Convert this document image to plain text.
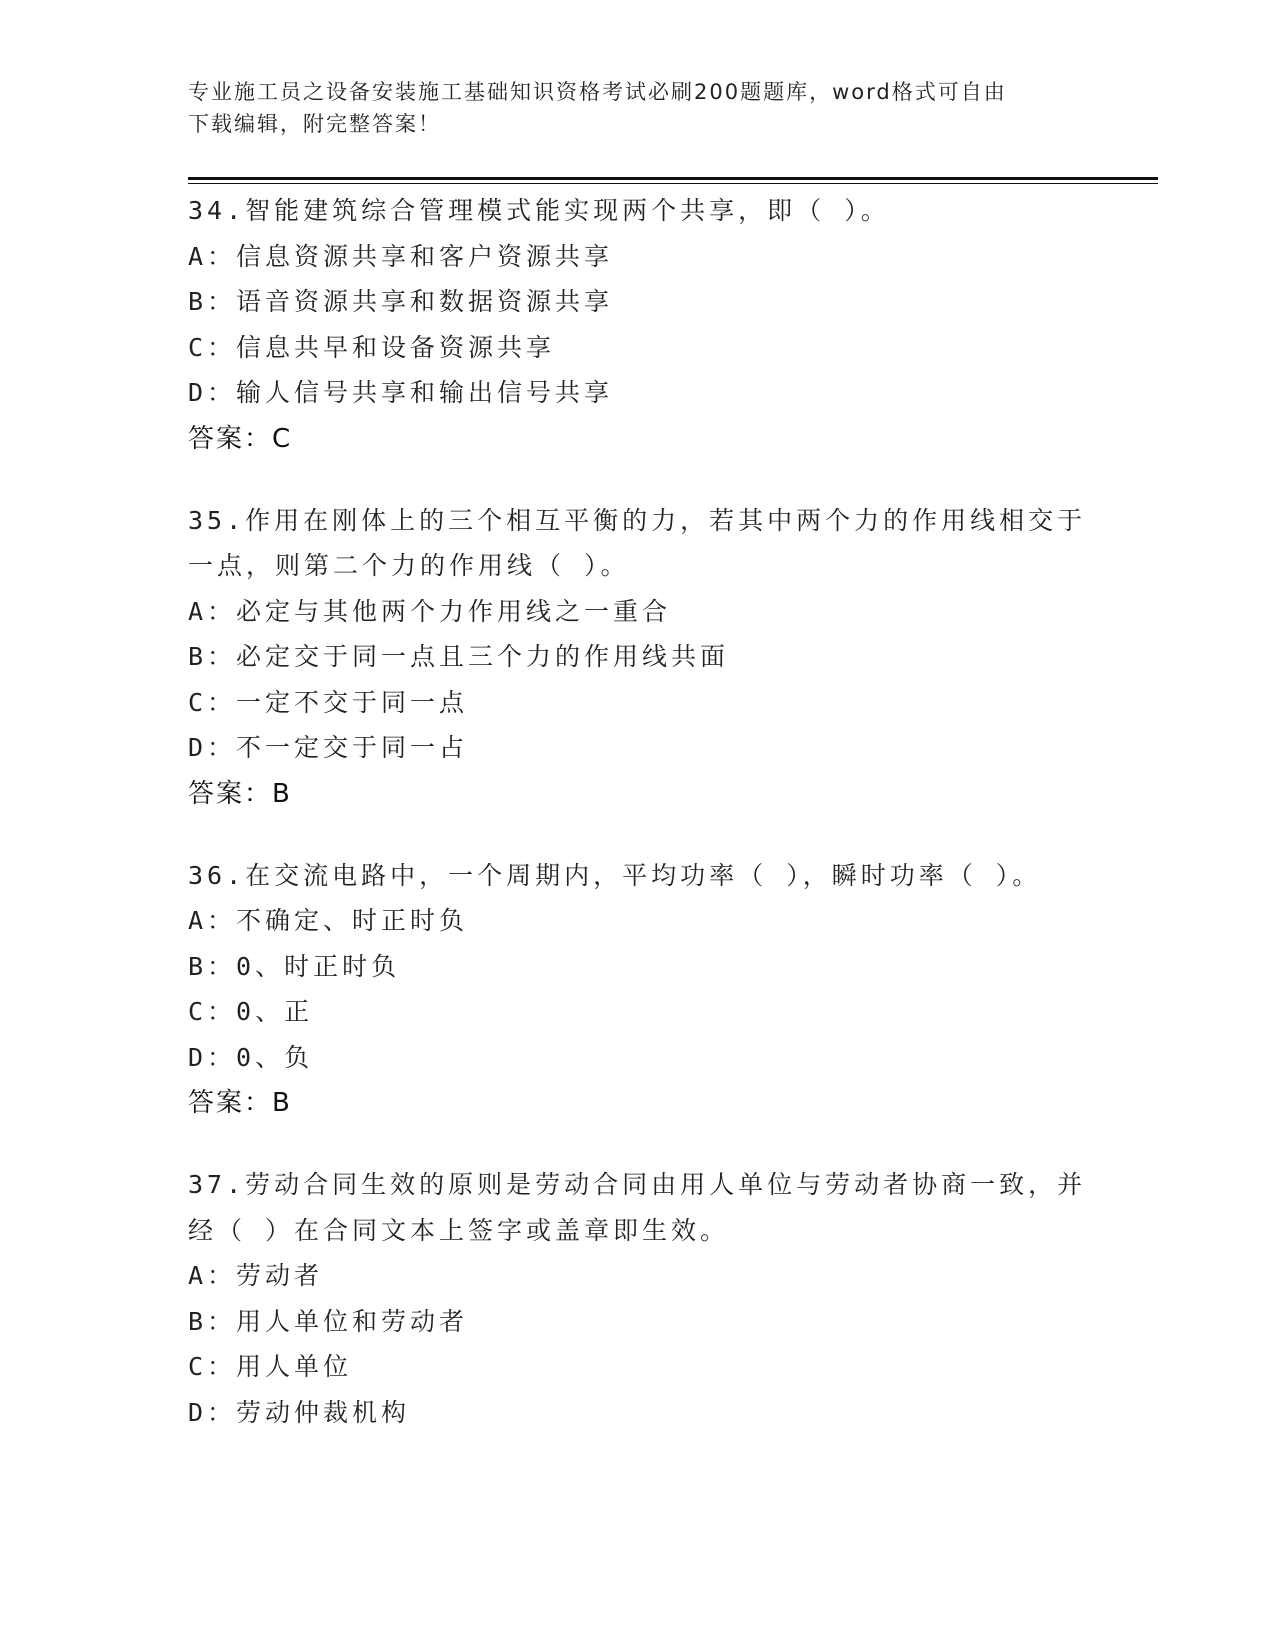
专业施工员之设备安装施工基础知识资格考试必刷200题题库，word格式可自由
下载编辑，附完整答案！
34.智能建筑综合管理模式能实现两个共享，即（ ）。
A：信息资源共享和客户资源共享
B：语音资源共享和数据资源共享
C：信息共早和设备资源共享
D：输人信号共享和输出信号共享
答案：C
35.作用在刚体上的三个相互平衡的力，若其中两个力的作用线相交于
一点，则第二个力的作用线（ ）。
A：必定与其他两个力作用线之一重合
B：必定交于同一点且三个力的作用线共面
C：一定不交于同一点
D：不一定交于同一占
答案：B
36.在交流电路中，一个周期内，平均功率（ ），瞬时功率（ ）。
A：不确定、时正时负
B：0、时正时负
C：0、正
D：0、负
答案：B
37.劳动合同生效的原则是劳动合同由用人单位与劳动者协商一致，并
经（ ）在合同文本上签字或盖章即生效。
A：劳动者
B：用人单位和劳动者
C：用人单位
D：劳动仲裁机构
